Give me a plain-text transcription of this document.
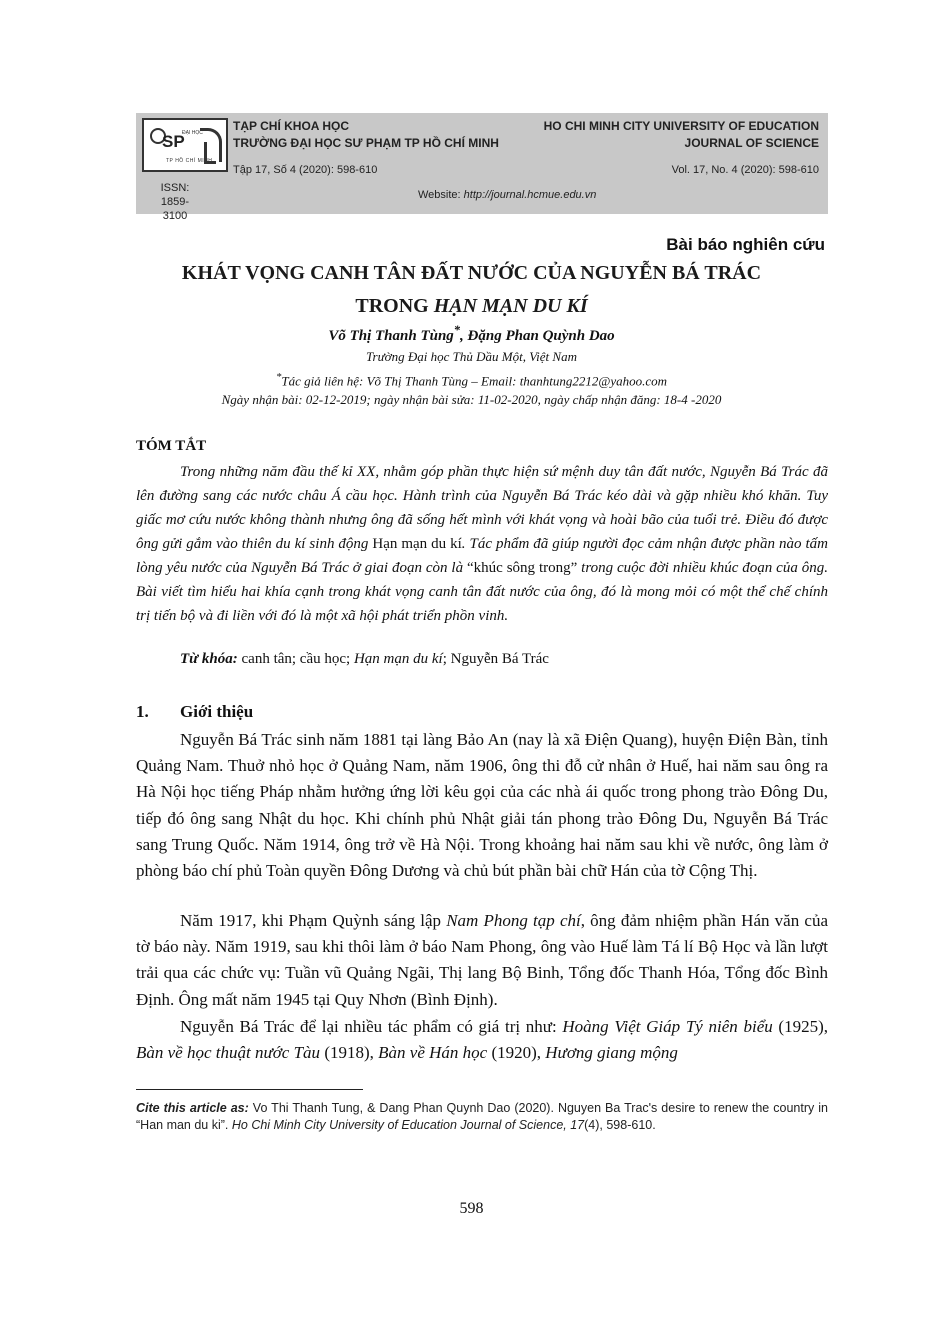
SP
ĐẠI HỌC
TP HỒ CHÍ MINH
TẠP CHÍ KHOA HỌC
TRƯỜNG ĐẠI HỌC SƯ PHẠM TP HỒ CHÍ MINH
Tập 17, Số 4 (2020): 598-610
HO CHI MINH CITY UNIVERSITY OF EDUCATION
JOURNAL OF SCIENCE
Vol. 17, No. 4 (2020): 598-610
ISSN:
1859-3100
Website: http://journal.hcmue.edu.vn
Bài báo nghiên cứu
KHÁT VỌNG CANH TÂN ĐẤT NƯỚC CỦA NGUYỄN BÁ TRÁC
TRONG HẠN MẠN DU KÍ
Võ Thị Thanh Tùng*, Đặng Phan Quỳnh Dao
Trường Đại học Thủ Dầu Một, Việt Nam
*Tác giả liên hệ: Võ Thị Thanh Tùng – Email: thanhtung2212@yahoo.com
Ngày nhận bài: 02-12-2019; ngày nhận bài sửa: 11-02-2020, ngày chấp nhận đăng: 18-4 -2020
TÓM TẮT
Trong những năm đầu thế kỉ XX, nhằm góp phần thực hiện sứ mệnh duy tân đất nước, Nguyễn Bá Trác đã lên đường sang các nước châu Á cầu học. Hành trình của Nguyễn Bá Trác kéo dài và gặp nhiều khó khăn. Tuy giấc mơ cứu nước không thành nhưng ông đã sống hết mình với khát vọng và hoài bão của tuổi trẻ. Điều đó được ông gửi gắm vào thiên du kí sinh động Hạn mạn du kí. Tác phẩm đã giúp người đọc cảm nhận được phần nào tấm lòng yêu nước của Nguyễn Bá Trác ở giai đoạn còn là “khúc sông trong” trong cuộc đời nhiều khúc đoạn của ông. Bài viết tìm hiểu hai khía cạnh trong khát vọng canh tân đất nước của ông, đó là mong mỏi có một thể chế chính trị tiến bộ và đi liền với đó là một xã hội phát triển phồn vinh.
Từ khóa: canh tân; cầu học; Hạn mạn du kí; Nguyễn Bá Trác
1. Giới thiệu
Nguyễn Bá Trác sinh năm 1881 tại làng Bảo An (nay là xã Điện Quang), huyện Điện Bàn, tỉnh Quảng Nam. Thuở nhỏ học ở Quảng Nam, năm 1906, ông thi đỗ cử nhân ở Huế, hai năm sau ông ra Hà Nội học tiếng Pháp nhằm hưởng ứng lời kêu gọi của các nhà ái quốc trong phong trào Đông Du, tiếp đó ông sang Nhật du học. Khi chính phủ Nhật giải tán phong trào Đông Du, Nguyễn Bá Trác sang Trung Quốc. Năm 1914, ông trở về Hà Nội. Trong khoảng hai năm sau khi về nước, ông làm ở phòng báo chí phủ Toàn quyền Đông Dương và chủ bút phần bài chữ Hán của tờ Cộng Thị.
Năm 1917, khi Phạm Quỳnh sáng lập Nam Phong tạp chí, ông đảm nhiệm phần Hán văn của tờ báo này. Năm 1919, sau khi thôi làm ở báo Nam Phong, ông vào Huế làm Tá lí Bộ Học và lần lượt trải qua các chức vụ: Tuần vũ Quảng Ngãi, Thị lang Bộ Binh, Tổng đốc Thanh Hóa, Tổng đốc Bình Định. Ông mất năm 1945 tại Quy Nhơn (Bình Định).
Nguyễn Bá Trác để lại nhiều tác phẩm có giá trị như: Hoàng Việt Giáp Tý niên biểu (1925), Bàn về học thuật nước Tàu (1918), Bàn về Hán học (1920), Hương giang mộng
Cite this article as: Vo Thi Thanh Tung, & Dang Phan Quynh Dao (2020). Nguyen Ba Trac's desire to renew the country in “Han man du ki”. Ho Chi Minh City University of Education Journal of Science, 17(4), 598-610.
598
